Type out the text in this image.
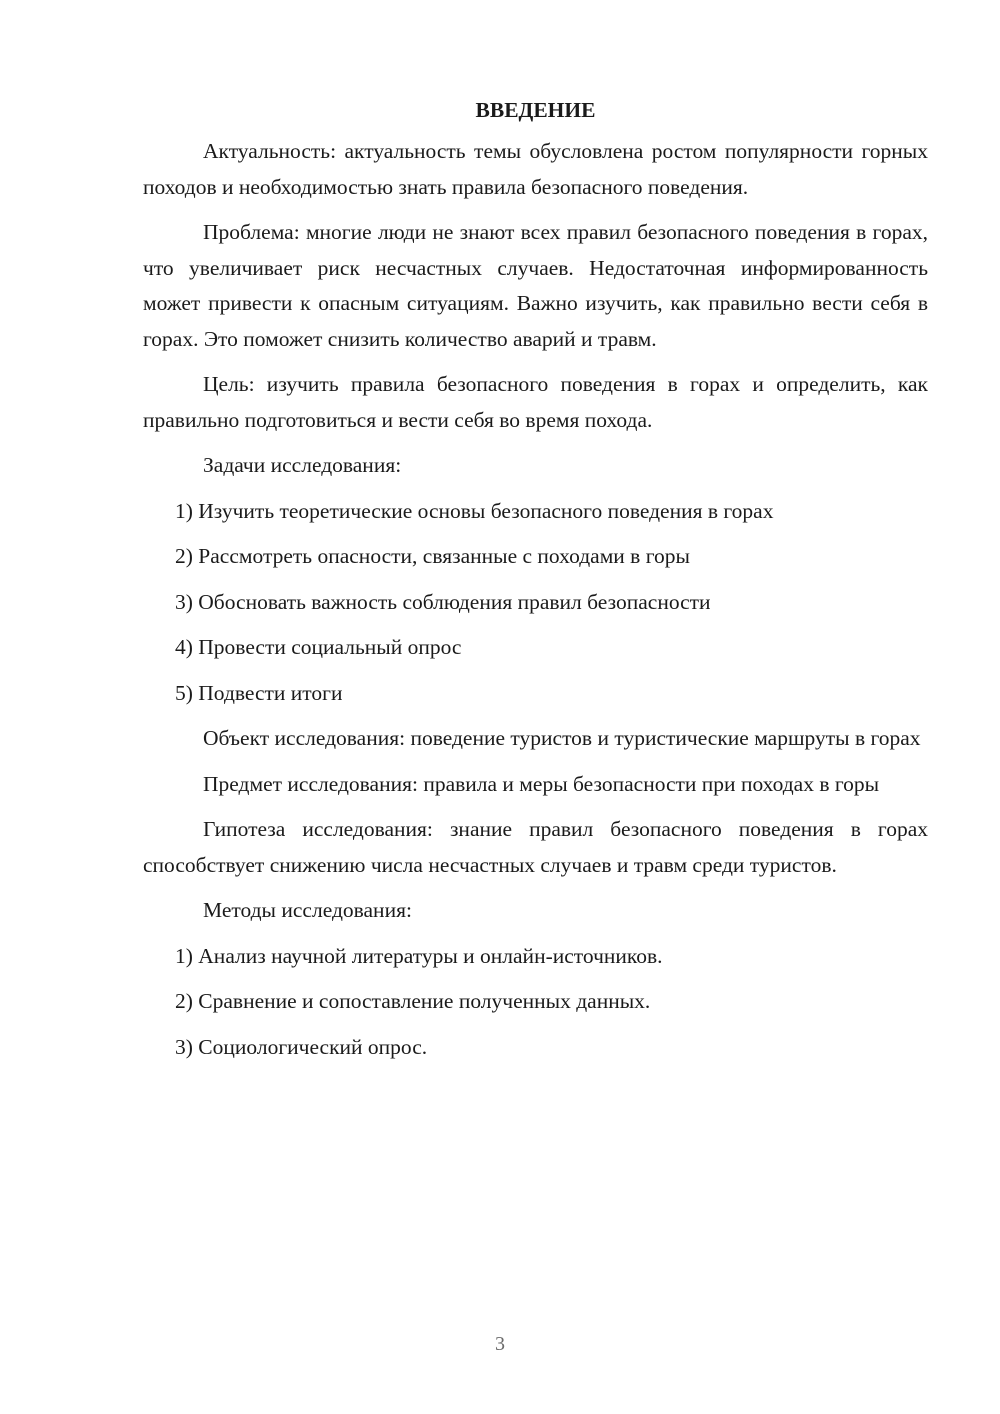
ВВЕДЕНИЕ

Актуальность: актуальность темы обусловлена ростом популярности горных походов и необходимостью знать правила безопасного поведения.

Проблема: многие люди не знают всех правил безопасного поведения в горах, что увеличивает риск несчастных случаев. Недостаточная информированность может привести к опасным ситуациям. Важно изучить, как правильно вести себя в горах. Это поможет снизить количество аварий и травм.

Цель: изучить правила безопасного поведения в горах и определить, как правильно подготовиться и вести себя во время похода.

Задачи исследования:

1) Изучить теоретические основы безопасного поведения в горах
2) Рассмотреть опасности, связанные с походами в горы
3) Обосновать важность соблюдения правил безопасности
4) Провести социальный опрос
5) Подвести итоги

Объект исследования: поведение туристов и туристические маршруты в горах

Предмет исследования: правила и меры безопасности при походах в горы

Гипотеза исследования: знание правил безопасного поведения в горах способствует снижению числа несчастных случаев и травм среди туристов.

Методы исследования:

1) Анализ научной литературы и онлайн-источников.
2) Сравнение и сопоставление полученных данных.
3) Социологический опрос.
3
